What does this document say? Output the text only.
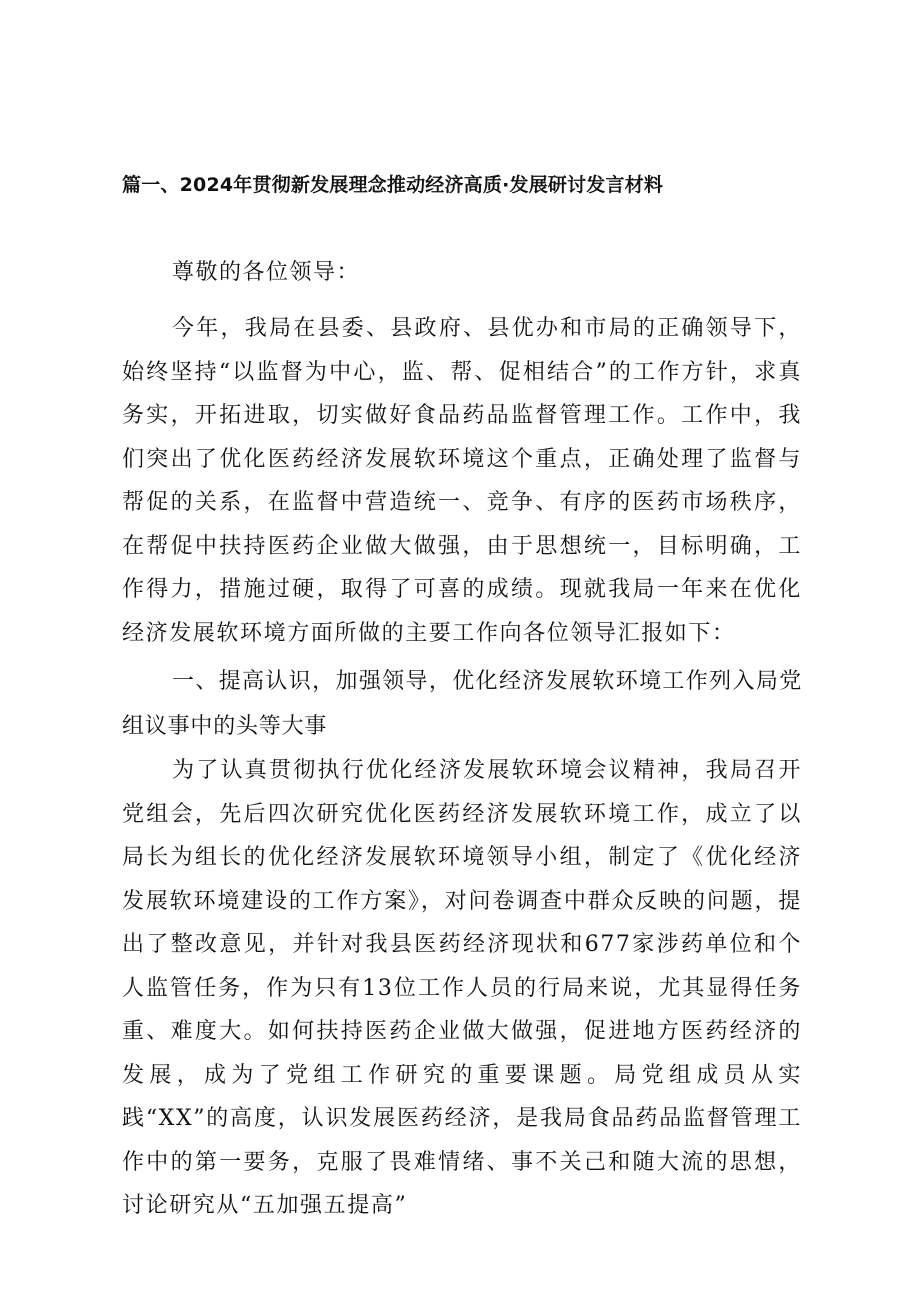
篇一、2024年贯彻新发展理念推动经济高质·发展研讨发言材料

尊敬的各位领导：

今年，我局在县委、县政府、县优办和市局的正确领导下，始终坚持“以监督为中心，监、帮、促相结合”的工作方针，求真务实，开拓进取，切实做好食品药品监督管理工作。工作中，我们突出了优化医药经济发展软环境这个重点，正确处理了监督与帮促的关系，在监督中营造统一、竞争、有序的医药市场秩序，在帮促中扶持医药企业做大做强，由于思想统一，目标明确，工作得力，措施过硬，取得了可喜的成绩。现就我局一年来在优化经济发展软环境方面所做的主要工作向各位领导汇报如下：

一、提高认识，加强领导，优化经济发展软环境工作列入局党组议事中的头等大事

为了认真贯彻执行优化经济发展软环境会议精神，我局召开党组会，先后四次研究优化医药经济发展软环境工作，成立了以局长为组长的优化经济发展软环境领导小组，制定了《优化经济发展软环境建设的工作方案》，对问卷调查中群众反映的问题，提出了整改意见，并针对我县医药经济现状和677家涉药单位和个人监管任务，作为只有13位工作人员的行局来说，尤其显得任务重、难度大。如何扶持医药企业做大做强，促进地方医药经济的发展，成为了党组工作研究的重要课题。局党组成员从实践“XX”的高度，认识发展医药经济，是我局食品药品监督管理工作中的第一要务，克服了畏难情绪、事不关己和随大流的思想，讨论研究从“五加强五提高”
